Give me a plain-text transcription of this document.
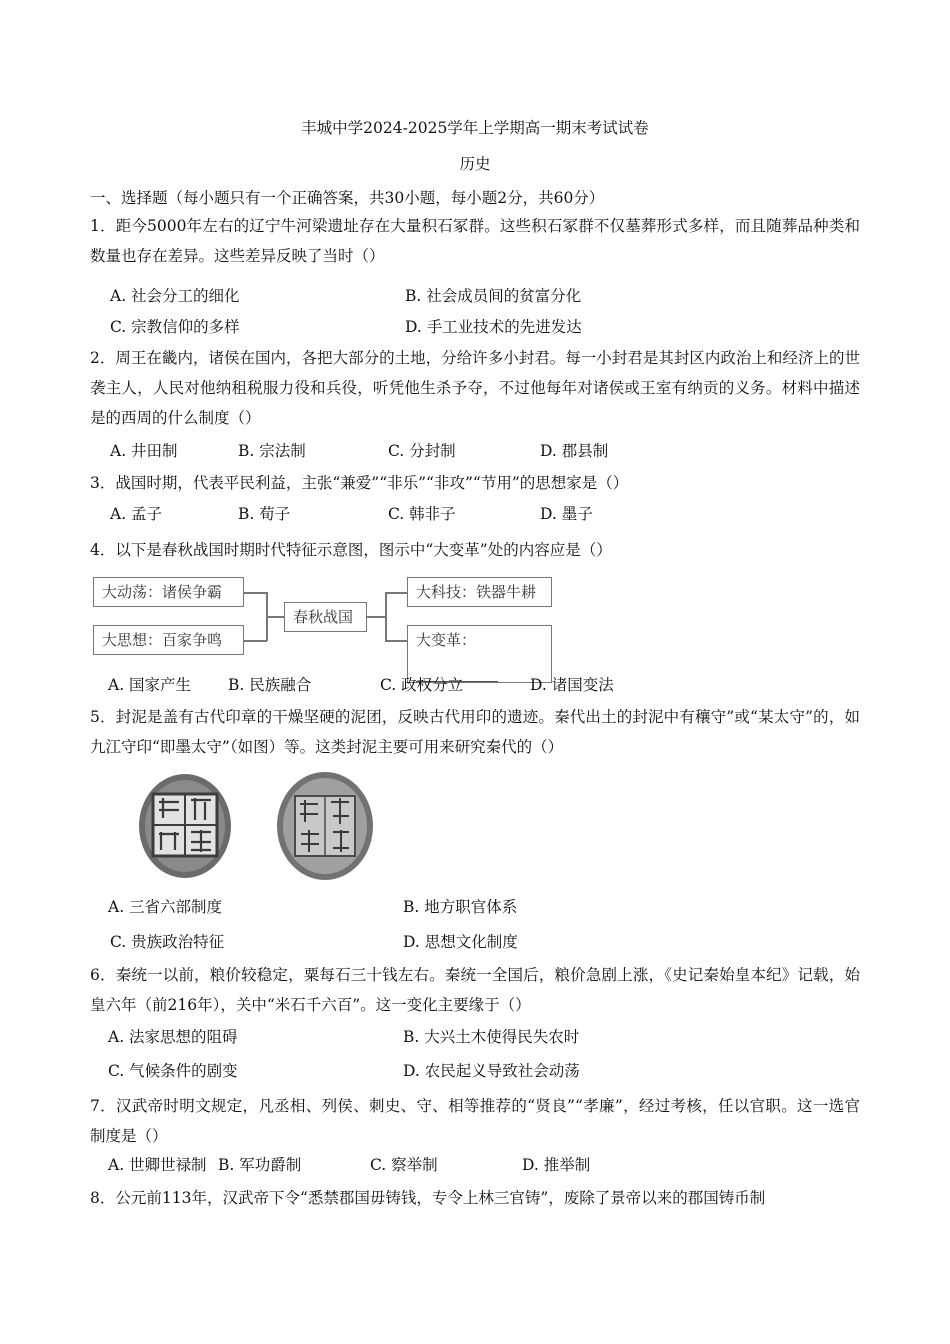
丰城中学2024-2025学年上学期高一期末考试试卷
历史
一、选择题（每小题只有一个正确答案，共30小题，每小题2分，共60分）
1．距今5000年左右的辽宁牛河梁遗址存在大量积石冢群。这些积石冢群不仅墓葬形式多样，而且随葬品种类和数量也存在差异。这些差异反映了当时（）
A. 社会分工的细化	B. 社会成员间的贫富分化
C. 宗教信仰的多样	D. 手工业技术的先进发达
2．周王在畿内，诸侯在国内，各把大部分的土地，分给许多小封君。每一小封君是其封区内政治上和经济上的世袭主人，人民对他纳租税服力役和兵役，听凭他生杀予夺，不过他每年对诸侯或王室有纳贡的义务。材料中描述是的西周的什么制度（）
A. 井田制	B. 宗法制	C. 分封制	D. 郡县制
3．战国时期，代表平民利益，主张“兼爱”“非乐”“非攻”“节用”的思想家是（）
A. 孟子	B. 荀子	C. 韩非子	D. 墨子
4．以下是春秋战国时期时代特征示意图，图示中“大变革”处的内容应是（）
大动荡：诸侯争霸
大思想：百家争鸣
春秋战国
大科技：铁器牛耕
大变革：
A. 国家产生 B. 民族融合	C. 政权分立	D. 诸国变法
5．封泥是盖有古代印章的干燥坚硬的泥团，反映古代用印的遗迹。秦代出土的封泥中有穰守”或“某太守”的，如九江守印“即墨太守”（如图）等。这类封泥主要可用来研究秦代的（）
A. 三省六部制度	B. 地方职官体系
C. 贵族政治特征	D. 思想文化制度
6．秦统一以前，粮价较稳定，粟每石三十钱左右。秦统一全国后，粮价急剧上涨，《史记秦始皇本纪》记载，始皇六年（前216年），关中“米石千六百”。这一变化主要缘于（）
A. 法家思想的阻碍	B. 大兴土木使得民失农时
C. 气候条件的剧变	D. 农民起义导致社会动荡
7．汉武帝时明文规定，凡丞相、列侯、刺史、守、相等推荐的“贤良”“孝廉”，经过考核，任以官职。这一选官制度是（）
A. 世卿世禄制 B. 军功爵制	C. 察举制	D. 推举制
8．公元前113年，汉武帝下令“悉禁郡国毋铸钱，专令上林三官铸”，废除了景帝以来的郡国铸币制
